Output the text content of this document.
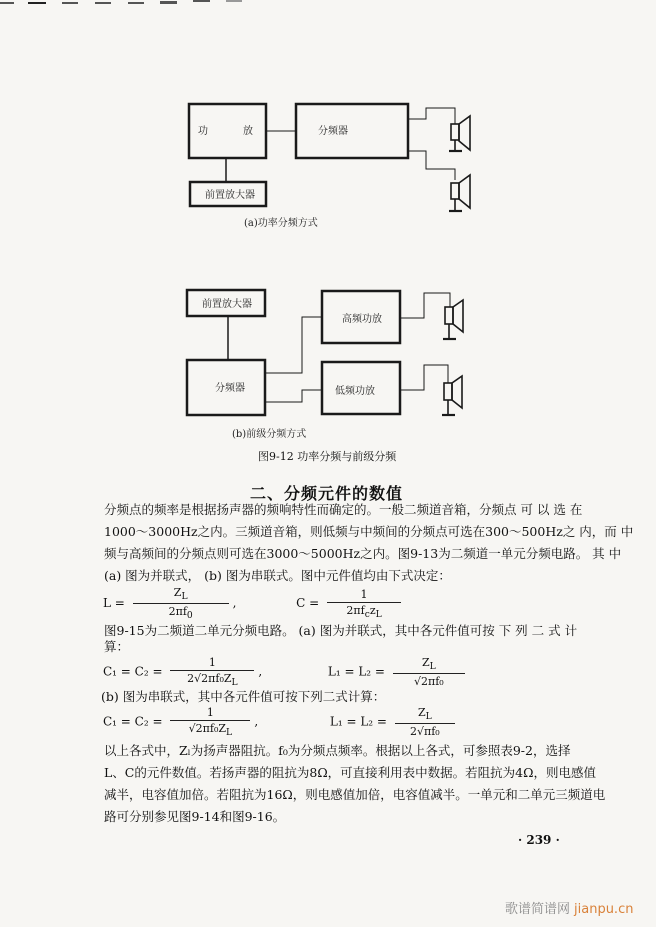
功	放	分频器
前置放大器
前置放大器
分频器
高频功放
低频功放
(a)功率分频方式
(b)前级分频方式
图9-12 功率分频与前级分频
二、分频元件的数值
分频点的频率是根据扬声器的频响特性而确定的。一般二频道音箱，分频点 可 以 选 在
1000～3000Hz之内。三频道音箱，则低频与中频间的分频点可选在300～500Hz之 内，而 中
频与高频间的分频点则可选在3000～5000Hz之内。图9-13为二频道一单元分频电路。 其 中
(a) 图为并联式， (b) 图为串联式。图中元件值均由下式决定：
$L = \frac{Z_L}{2\pi f_0}$ ,	$C = \frac{1}{2\pi f_cz_L}$
图9-15为二频道二单元分频电路。 (a) 图为并联式，其中各元件值可按 下 列 二 式 计
算：
$C_1 = C_2 = \frac{1}{2√2\pi f_0Z_L}$ ,	$L_1 = L_2 = \frac{Z_L}{\text{√2πf₀}}$
(b) 图为串联式，其中各元件值可按下列二式计算：
$C_1 = C_2 = \frac{1}{√2\pi f_0Z_L}$ ,	$L_1 = L_2 = \frac{Z_L}{\text{2√πf₀}}$
以上各式中，Zₗ为扬声器阻抗。f₀为分频点频率。根据以上各式，可参照表9-2，选择
L、C的元件数值。若扬声器的阻抗为8Ω，可直接利用表中数据。若阻抗为4Ω，则电感值
减半，电容值加倍。若阻抗为16Ω，则电感值加倍，电容值减半。一单元和二单元三频道电
路可分别参见图9-14和图9-16。
· 239 ·
歌谱简谱网 jianpu.cn
